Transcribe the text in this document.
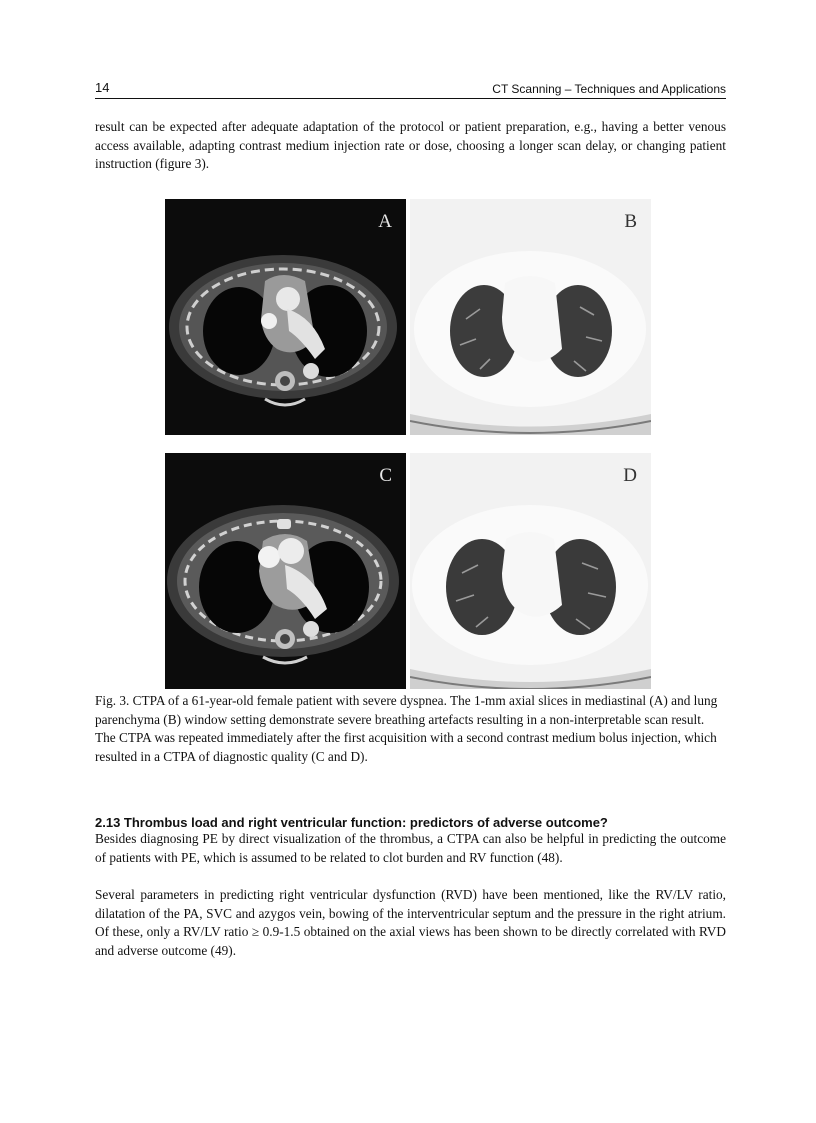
14	CT Scanning – Techniques and Applications

result can be expected after adequate adaptation of the protocol or patient preparation, e.g., having a better venous access available, adapting contrast medium injection rate or dose, choosing a longer scan delay, or changing patient instruction (figure 3).

A	B
C	D

Fig. 3. CTPA of a 61-year-old female patient with severe dyspnea. The 1-mm axial slices in mediastinal (A) and lung parenchyma (B) window setting demonstrate severe breathing artefacts resulting in a non-interpretable scan result. The CTPA was repeated immediately after the first acquisition with a second contrast medium bolus injection, which resulted in a CTPA of diagnostic quality (C and D).

2.13 Thrombus load and right ventricular function: predictors of adverse outcome?

Besides diagnosing PE by direct visualization of the thrombus, a CTPA can also be helpful in predicting the outcome of patients with PE, which is assumed to be related to clot burden and RV function (48).

Several parameters in predicting right ventricular dysfunction (RVD) have been mentioned, like the RV/LV ratio, dilatation of the PA, SVC and azygos vein, bowing of the interventricular septum and the pressure in the right atrium. Of these, only a RV/LV ratio ≥ 0.9-1.5 obtained on the axial views has been shown to be directly correlated with RVD and adverse outcome (49).
